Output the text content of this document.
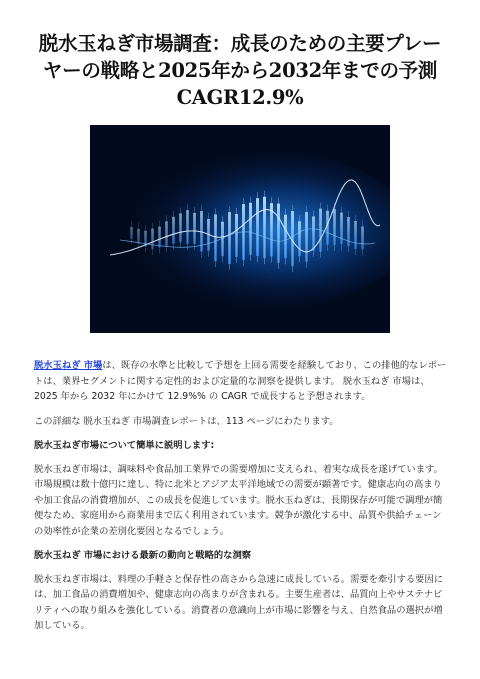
脱水玉ねぎ市場調査：成長のための主要プレー
ヤーの戦略と2025年から2032年までの予測
CAGR12.9%

脱水玉ねぎ 市場は、既存の水準と比較して予想を上回る需要を経験しており、この排他的なレポートは、業界セグメントに関する定性的および定量的な洞察を提供します。 脱水玉ねぎ 市場は、2025 年から 2032 年にかけて 12.9%% の CAGR で成長すると予想されます。

この詳細な 脱水玉ねぎ 市場調査レポートは、113 ページにわたります。

脱水玉ねぎ市場について簡単に説明します:

脱水玉ねぎ市場は、調味料や食品加工業界での需要増加に支えられ、着実な成長を遂げています。市場規模は数十億円に達し、特に北米とアジア太平洋地域での需要が顕著です。健康志向の高まりや加工食品の消費増加が、この成長を促進しています。脱水玉ねぎは、長期保存が可能で調理が簡便なため、家庭用から商業用まで広く利用されています。競争が激化する中、品質や供給チェーンの効率性が企業の差別化要因となるでしょう。

脱水玉ねぎ 市場における最新の動向と戦略的な洞察

脱水玉ねぎ市場は、料理の手軽さと保存性の高さから急速に成長している。需要を牽引する要因には、加工食品の消費増加や、健康志向の高まりが含まれる。主要生産者は、品質向上やサステナビリティへの取り組みを強化している。消費者の意識向上が市場に影響を与え、自然食品の選択が増加している。
